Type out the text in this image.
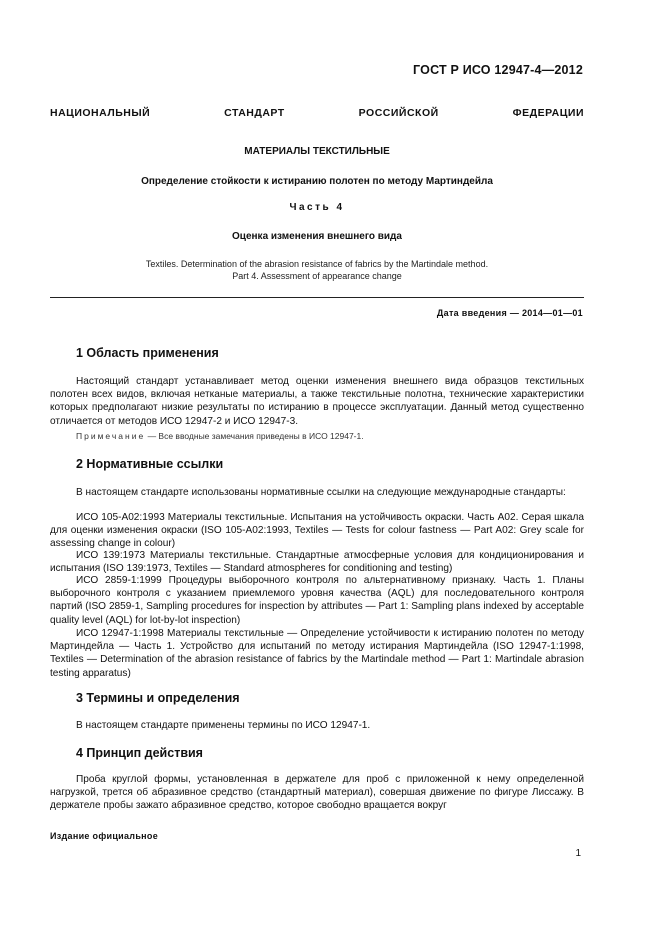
ГОСТ Р ИСО 12947-4—2012
НАЦИОНАЛЬНЫЙ СТАНДАРТ РОССИЙСКОЙ ФЕДЕРАЦИИ
МАТЕРИАЛЫ ТЕКСТИЛЬНЫЕ
Определение стойкости к истиранию полотен по методу Мартиндейла
Часть 4
Оценка изменения внешнего вида
Textiles. Determination of the abrasion resistance of fabrics by the Martindale method.
Part 4. Assessment of appearance change
Дата введения — 2014—01—01
1 Область применения

Настоящий стандарт устанавливает метод оценки изменения внешнего вида образцов текстильных полотен всех видов, включая нетканые материалы, а также текстильные полотна, технические характеристики которых предполагают низкие результаты по истиранию в процессе эксплуатации. Данный метод существенно отличается от методов ИСО 12947-2 и ИСО 12947-3.

Примечание — Все вводные замечания приведены в ИСО 12947-1.
2 Нормативные ссылки

В настоящем стандарте использованы нормативные ссылки на следующие международные стандарты:

ИСО 105-A02:1993 Материалы текстильные. Испытания на устойчивость окраски. Часть A02. Серая шкала для оценки изменения окраски (ISO 105-A02:1993, Textiles — Tests for colour fastness — Part A02: Grey scale for assessing change in colour)

ИСО 139:1973 Материалы текстильные. Стандартные атмосферные условия для кондиционирования и испытания (ISO 139:1973, Textiles — Standard atmospheres for conditioning and testing)

ИСО 2859-1:1999 Процедуры выборочного контроля по альтернативному признаку. Часть 1. Планы выборочного контроля с указанием приемлемого уровня качества (AQL) для последовательного контроля партий (ISO 2859-1, Sampling procedures for inspection by attributes — Part 1: Sampling plans indexed by acceptable quality level (AQL) for lot-by-lot inspection)

ИСО 12947-1:1998 Материалы текстильные — Определение устойчивости к истиранию полотен по методу Мартиндейла — Часть 1. Устройство для испытаний по методу истирания Мартиндейла (ISO 12947-1:1998, Textiles — Determination of the abrasion resistance of fabrics by the Martindale method — Part 1: Martindale abrasion testing apparatus)

3 Термины и определения

В настоящем стандарте применены термины по ИСО 12947-1.

4 Принцип действия

Проба круглой формы, установленная в держателе для проб с приложенной к нему определенной нагрузкой, трется об абразивное средство (стандартный материал), совершая движение по фигуре Лиссажу. В держателе пробы зажато абразивное средство, которое свободно вращается вокруг

Издание официальное
1
